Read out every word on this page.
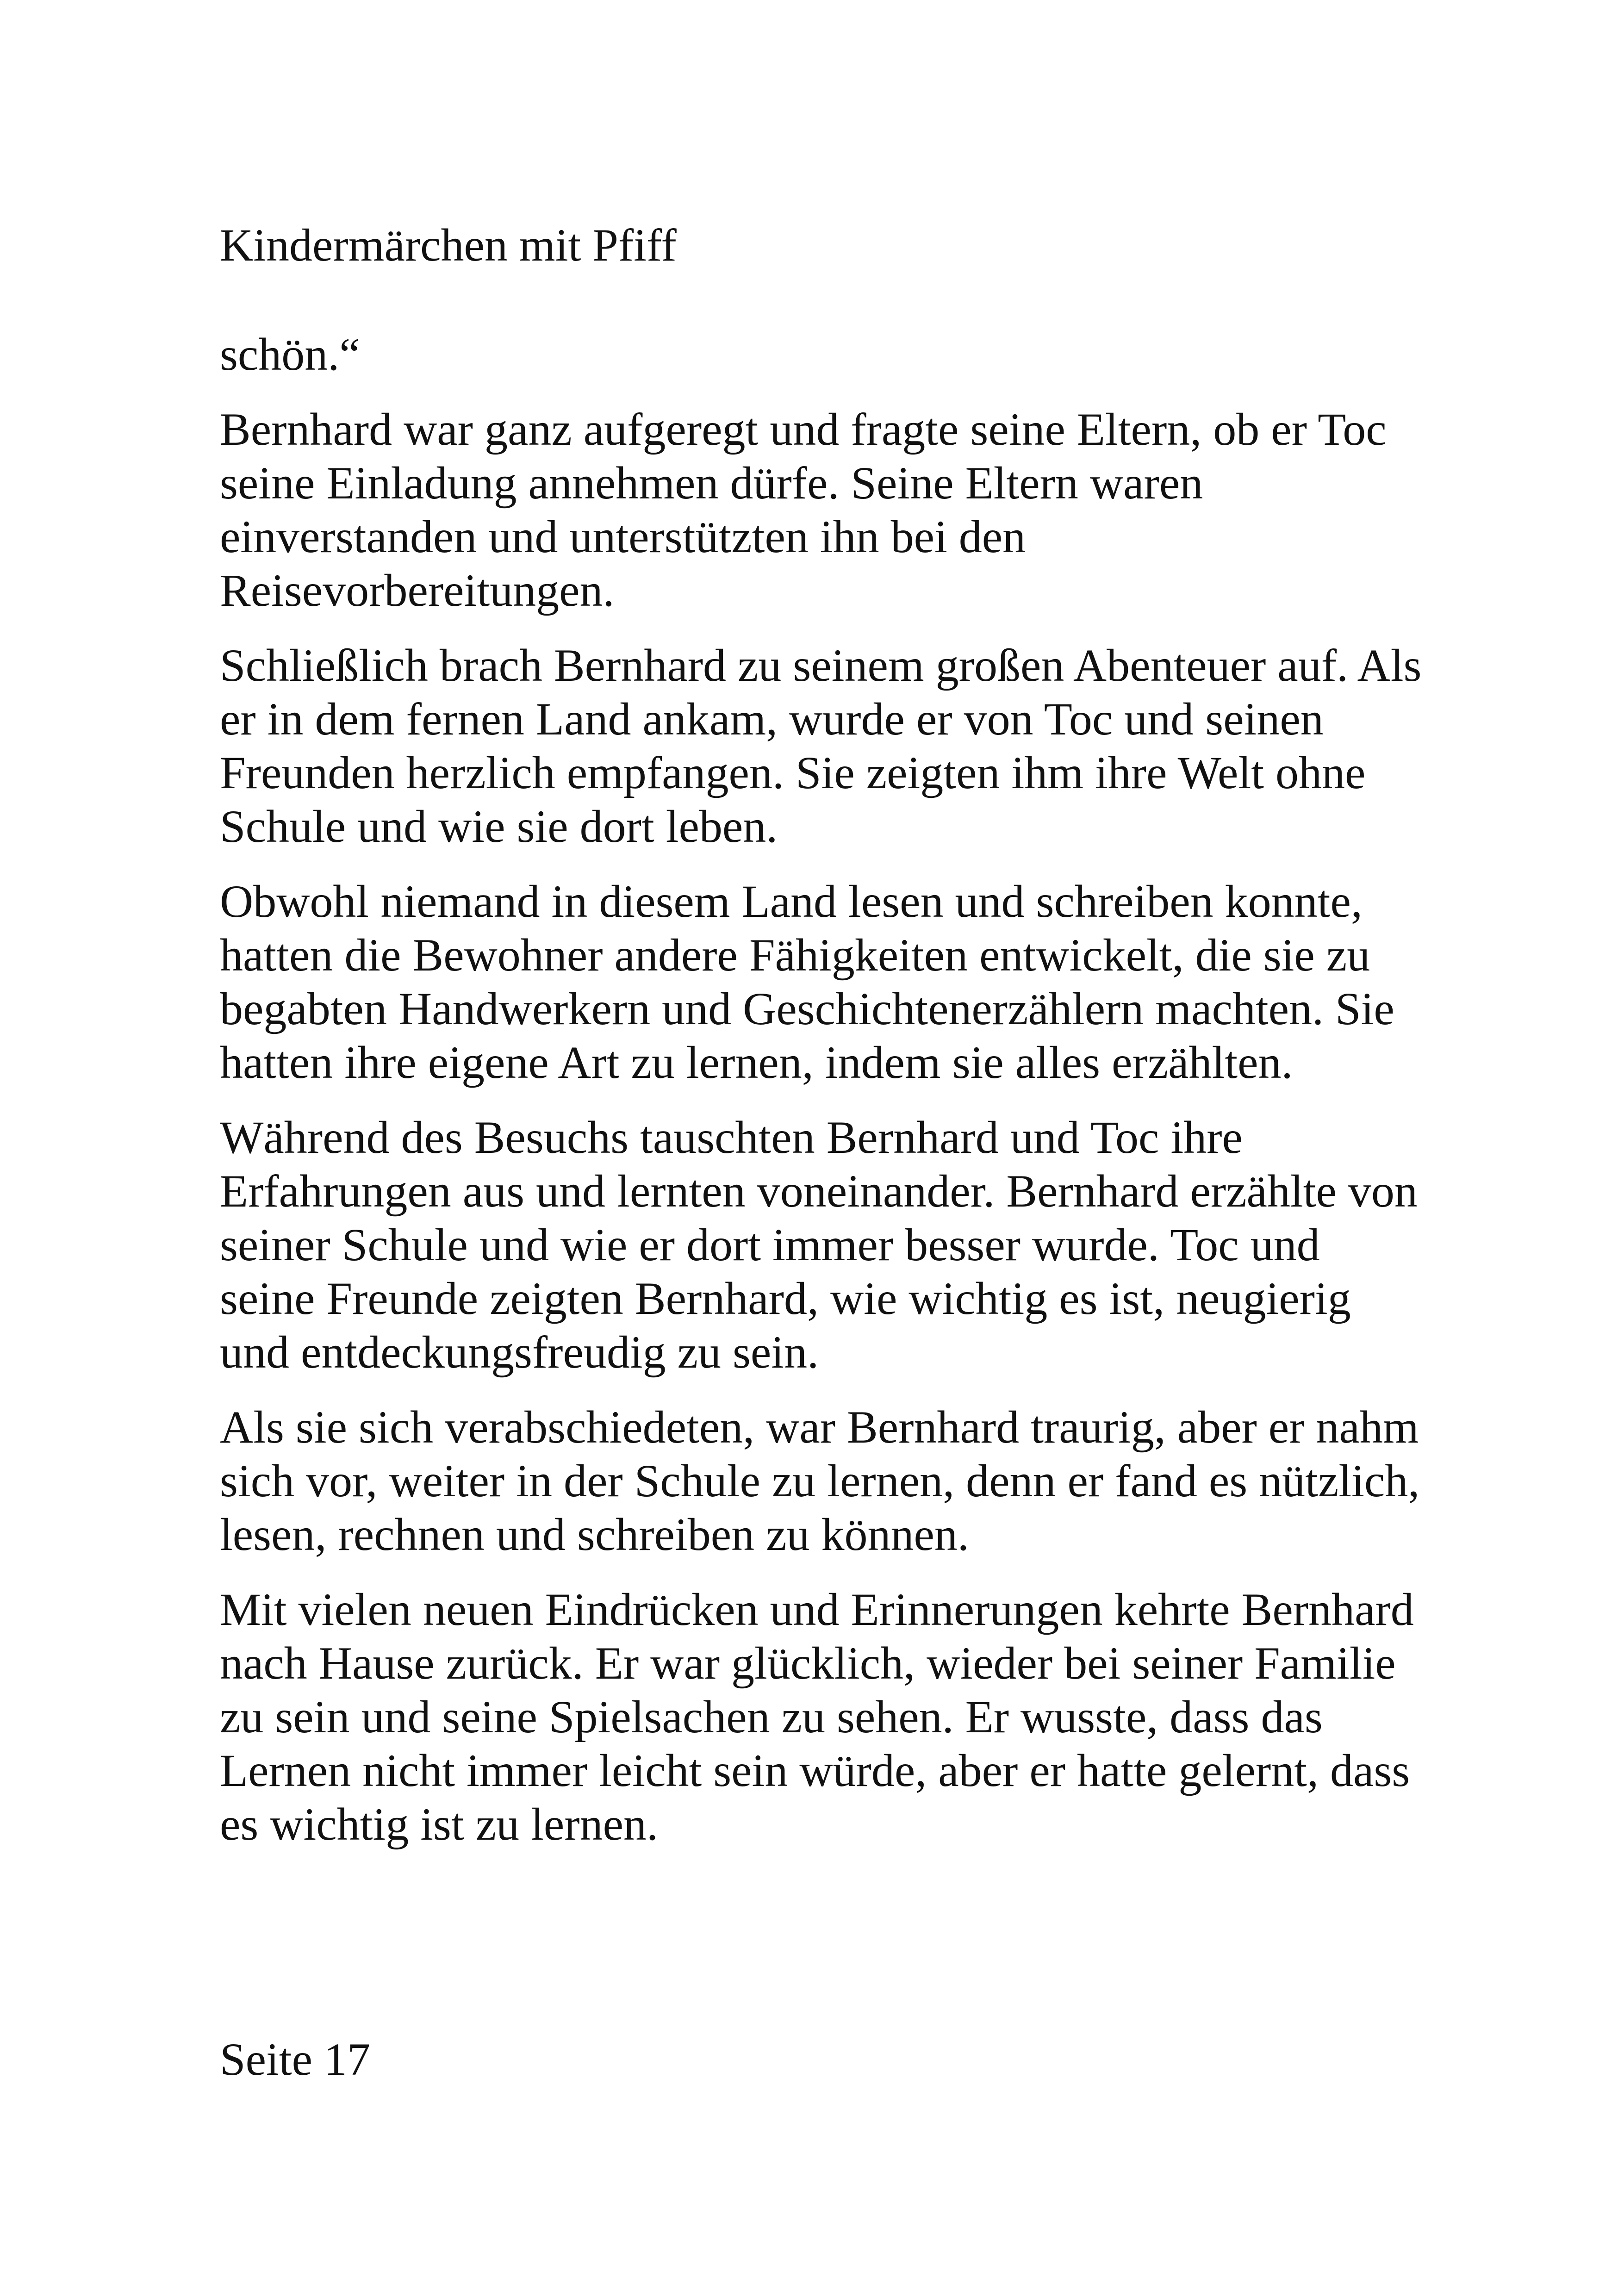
Kindermärchen mit Pfiff

schön.“

Bernhard war ganz aufgeregt und fragte seine Eltern, ob er Toc seine Einladung annehmen dürfe. Seine Eltern waren einverstanden und unterstützten ihn bei den Reisevorbereitungen.

Schließlich brach Bernhard zu seinem großen Abenteuer auf. Als er in dem fernen Land ankam, wurde er von Toc und seinen Freunden herzlich empfangen. Sie zeigten ihm ihre Welt ohne Schule und wie sie dort leben.

Obwohl niemand in diesem Land lesen und schreiben konnte, hatten die Bewohner andere Fähigkeiten entwickelt, die sie zu begabten Handwerkern und Geschichtenerzählern machten. Sie hatten ihre eigene Art zu lernen, indem sie alles erzählten.

Während des Besuchs tauschten Bernhard und Toc ihre Erfahrungen aus und lernten voneinander. Bernhard erzählte von seiner Schule und wie er dort immer besser wurde. Toc und seine Freunde zeigten Bernhard, wie wichtig es ist, neugierig und entdeckungsfreudig zu sein.

Als sie sich verabschiedeten, war Bernhard traurig, aber er nahm sich vor, weiter in der Schule zu lernen, denn er fand es nützlich, lesen, rechnen und schreiben zu können.

Mit vielen neuen Eindrücken und Erinnerungen kehrte Bernhard nach Hause zurück. Er war glücklich, wieder bei seiner Familie zu sein und seine Spielsachen zu sehen. Er wusste, dass das Lernen nicht immer leicht sein würde, aber er hatte gelernt, dass es wichtig ist zu lernen.

Seite 17
